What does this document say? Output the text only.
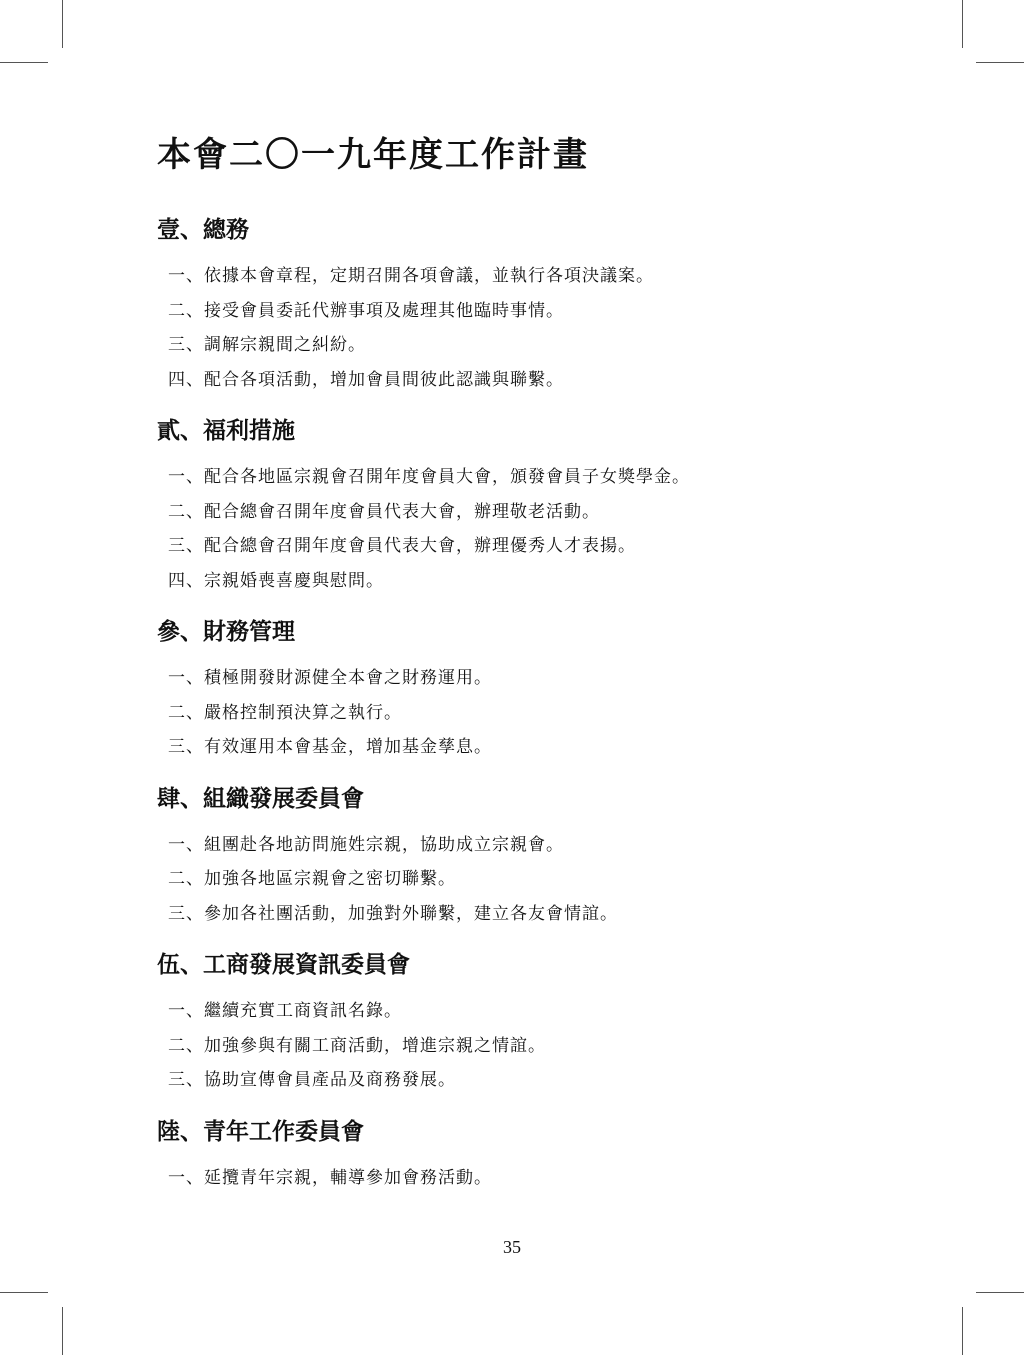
本會二〇一九年度工作計畫
壹、總務
一、依據本會章程，定期召開各項會議，並執行各項決議案。
二、接受會員委託代辦事項及處理其他臨時事情。
三、調解宗親間之糾紛。
四、配合各項活動，增加會員間彼此認識與聯繫。
貳、福利措施
一、配合各地區宗親會召開年度會員大會，頒發會員子女獎學金。
二、配合總會召開年度會員代表大會，辦理敬老活動。
三、配合總會召開年度會員代表大會，辦理優秀人才表揚。
四、宗親婚喪喜慶與慰問。
參、財務管理
一、積極開發財源健全本會之財務運用。
二、嚴格控制預決算之執行。
三、有效運用本會基金，增加基金孳息。
肆、組織發展委員會
一、組團赴各地訪問施姓宗親，協助成立宗親會。
二、加強各地區宗親會之密切聯繫。
三、參加各社團活動，加強對外聯繫，建立各友會情誼。
伍、工商發展資訊委員會
一、繼續充實工商資訊名錄。
二、加強參與有關工商活動，增進宗親之情誼。
三、協助宣傳會員產品及商務發展。
陸、青年工作委員會
一、延攬青年宗親，輔導參加會務活動。
35
